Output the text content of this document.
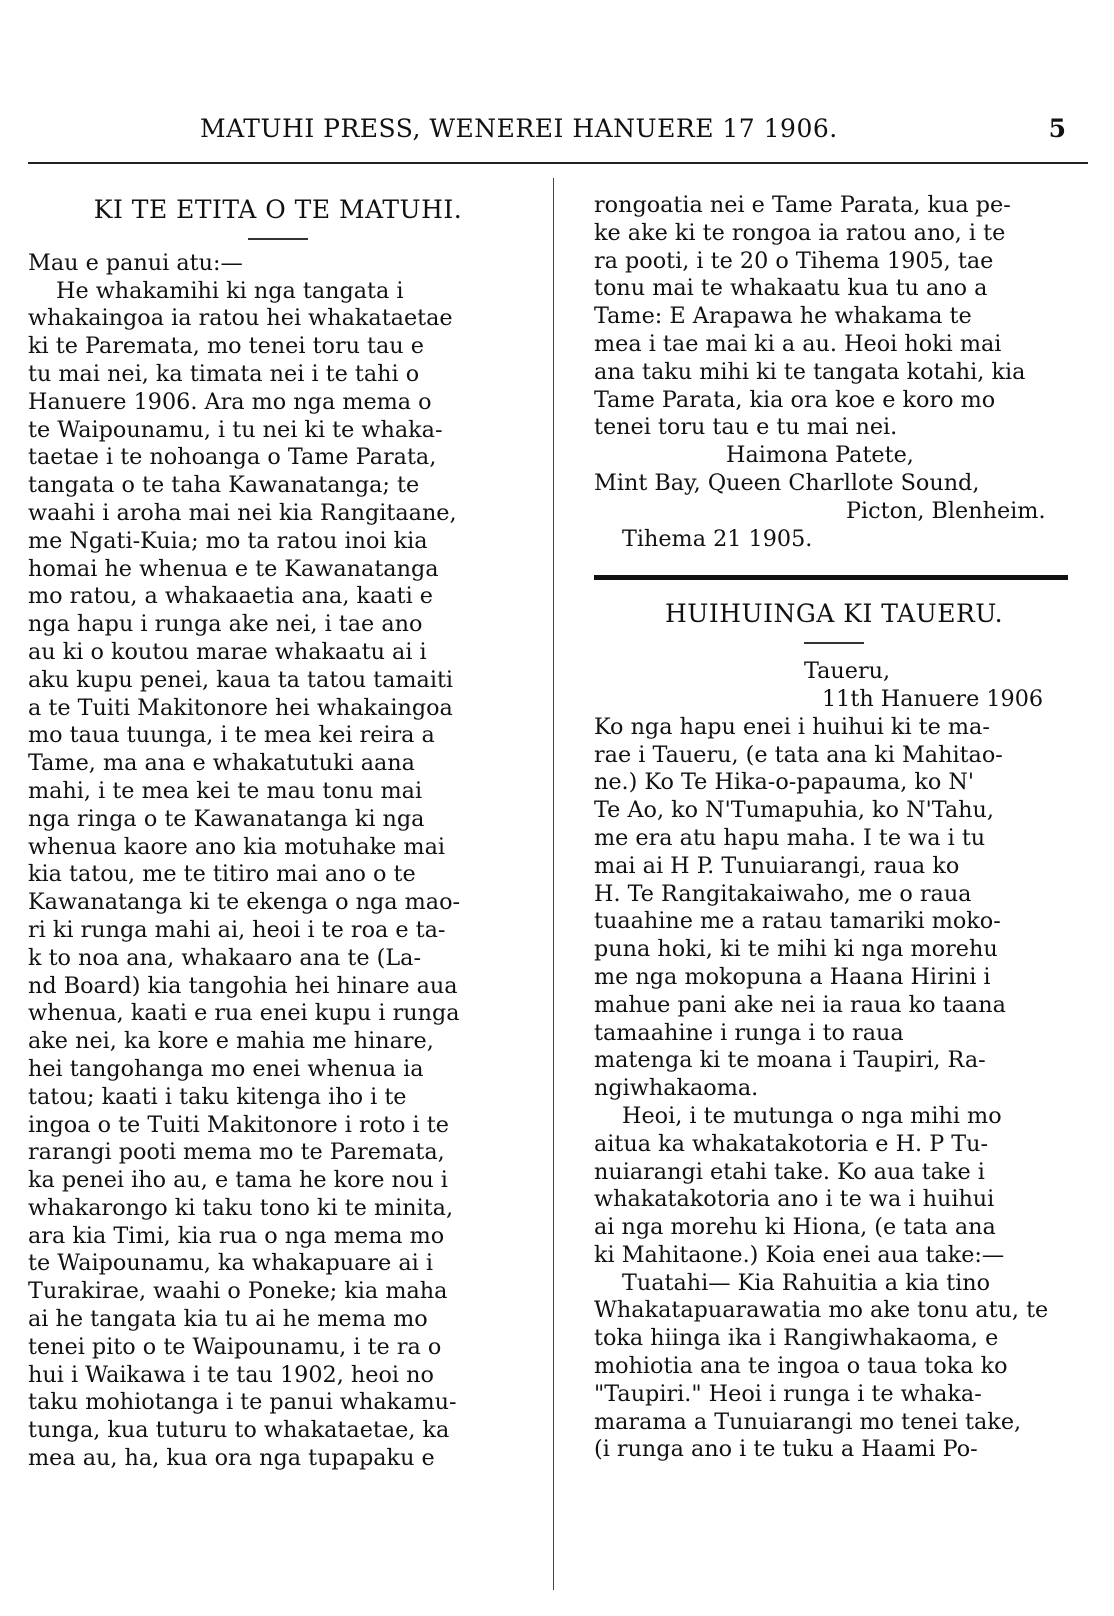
MATUHI PRESS, WENEREI HANUERE 17 1906.	5
KI TE ETITA O TE MATUHI.

Mau e panui atu:—
He whakamihi ki nga tangata i
whakaingoa ia ratou hei whakataetae
ki te Paremata, mo tenei toru tau e
tu mai nei, ka timata nei i te tahi o
Hanuere 1906. Ara mo nga mema o
te Waipounamu, i tu nei ki te whaka-
taetae i te nohoanga o Tame Parata,
tangata o te taha Kawanatanga; te
waahi i aroha mai nei kia Rangitaane,
me Ngati-Kuia; mo ta ratou inoi kia
homai he whenua e te Kawanatanga
mo ratou, a whakaaetia ana, kaati e
nga hapu i runga ake nei, i tae ano
au ki o koutou marae whakaatu ai i
aku kupu penei, kaua ta tatou tamaiti
a te Tuiti Makitonore hei whakaingoa
mo taua tuunga, i te mea kei reira a
Tame, ma ana e whakatutuki aana
mahi, i te mea kei te mau tonu mai
nga ringa o te Kawanatanga ki nga
whenua kaore ano kia motuhake mai
kia tatou, me te titiro mai ano o te
Kawanatanga ki te ekenga o nga mao-
ri ki runga mahi ai, heoi i te roa e ta-
k to noa ana, whakaaro ana te (La-
nd Board) kia tangohia hei hinare aua
whenua, kaati e rua enei kupu i runga
ake nei, ka kore e mahia me hinare,
hei tangohanga mo enei whenua ia
tatou; kaati i taku kitenga iho i te
ingoa o te Tuiti Makitonore i roto i te
rarangi pooti mema mo te Paremata,
ka penei iho au, e tama he kore nou i
whakarongo ki taku tono ki te minita,
ara kia Timi, kia rua o nga mema mo
te Waipounamu, ka whakapuare ai i
Turakirae, waahi o Poneke; kia maha
ai he tangata kia tu ai he mema mo
tenei pito o te Waipounamu, i te ra o
hui i Waikawa i te tau 1902, heoi no
taku mohiotanga i te panui whakamu-
tunga, kua tuturu to whakataetae, ka
mea au, ha, kua ora nga tupapaku e

rongoatia nei e Tame Parata, kua pe-
ke ake ki te rongoa ia ratou ano, i te
ra pooti, i te 20 o Tihema 1905, tae
tonu mai te whakaatu kua tu ano a
Tame: E Arapawa he whakama te
mea i tae mai ki a au. Heoi hoki mai
ana taku mihi ki te tangata kotahi, kia
Tame Parata, kia ora koe e koro mo
tenei toru tau e tu mai nei.

Haimona Patete,
Mint Bay, Queen Charllote Sound,
Picton, Blenheim.
Tihema 21 1905.
HUIHUINGA KI TAUERU.
Taueru,
11th Hanuere 1906

Ko nga hapu enei i huihui ki te ma-
rae i Taueru, (e tata ana ki Mahitao-
ne.) Ko Te Hika-o-papauma, ko N'
Te Ao, ko N'Tumapuhia, ko N'Tahu,
me era atu hapu maha. I te wa i tu
mai ai H P. Tunuiarangi, raua ko
H. Te Rangitakaiwaho, me o raua
tuaahine me a ratau tamariki moko-
puna hoki, ki te mihi ki nga morehu
me nga mokopuna a Haana Hirini i
mahue pani ake nei ia raua ko taana
tamaahine i runga i to raua
matenga ki te moana i Taupiri, Ra-
ngiwhakaoma.
Heoi, i te mutunga o nga mihi mo
aitua ka whakatakotoria e H. P Tu-
nuiarangi etahi take. Ko aua take i
whakatakotoria ano i te wa i huihui
ai nga morehu ki Hiona, (e tata ana
ki Mahitaone.) Koia enei aua take:—
Tuatahi— Kia Rahuitia a kia tino
Whakatapuarawatia mo ake tonu atu, te
toka hiinga ika i Rangiwhakaoma, e
mohiotia ana te ingoa o taua toka ko
"Taupiri." Heoi i runga i te whaka-
marama a Tunuiarangi mo tenei take,
(i runga ano i te tuku a Haami Po-
